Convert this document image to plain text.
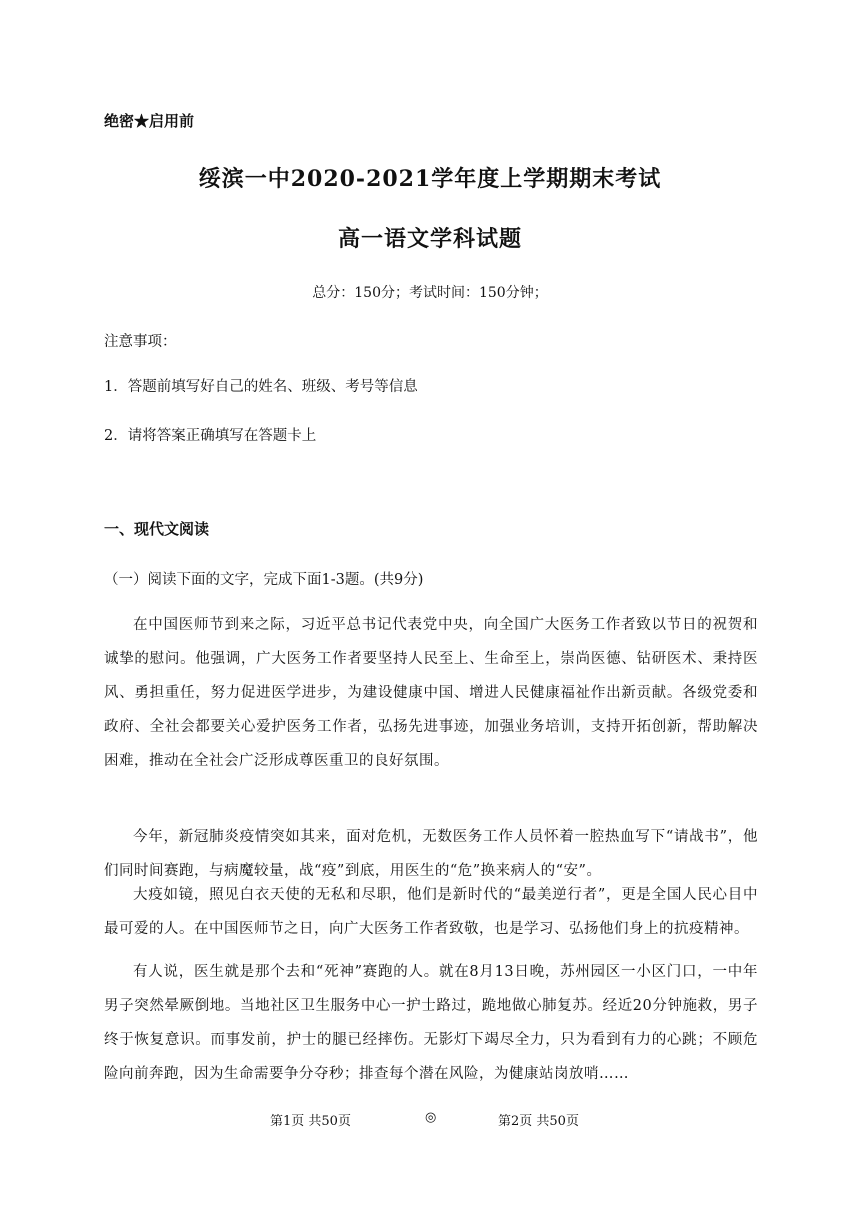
绝密★启用前
绥滨一中2020-2021学年度上学期期末考试
高一语文学科试题
总分：150分；考试时间：150分钟；
注意事项：
1．答题前填写好自己的姓名、班级、考号等信息
2．请将答案正确填写在答题卡上
一、现代文阅读
（一）阅读下面的文字，完成下面1-3题。(共9分)
在中国医师节到来之际，习近平总书记代表党中央，向全国广大医务工作者致以节日的祝贺和诚挚的慰问。他强调，广大医务工作者要坚持人民至上、生命至上，崇尚医德、钻研医术、秉持医风、勇担重任，努力促进医学进步，为建设健康中国、增进人民健康福祉作出新贡献。各级党委和政府、全社会都要关心爱护医务工作者，弘扬先进事迹，加强业务培训，支持开拓创新，帮助解决困难，推动在全社会广泛形成尊医重卫的良好氛围。
今年，新冠肺炎疫情突如其来，面对危机，无数医务工作人员怀着一腔热血写下“请战书”，他们同时间赛跑，与病魔较量，战“疫”到底，用医生的“危”换来病人的“安”。
大疫如镜，照见白衣天使的无私和尽职，他们是新时代的“最美逆行者”，更是全国人民心目中最可爱的人。在中国医师节之日，向广大医务工作者致敬，也是学习、弘扬他们身上的抗疫精神。
有人说，医生就是那个去和“死神”赛跑的人。就在8月13日晚，苏州园区一小区门口，一中年男子突然晕厥倒地。当地社区卫生服务中心一护士路过，跪地做心肺复苏。经近20分钟施救，男子终于恢复意识。而事发前，护士的腿已经摔伤。无影灯下竭尽全力，只为看到有力的心跳；不顾危险向前奔跑，因为生命需要争分夺秒；排查每个潜在风险，为健康站岗放哨……
第1页 共50页	◎	第2页 共50页
